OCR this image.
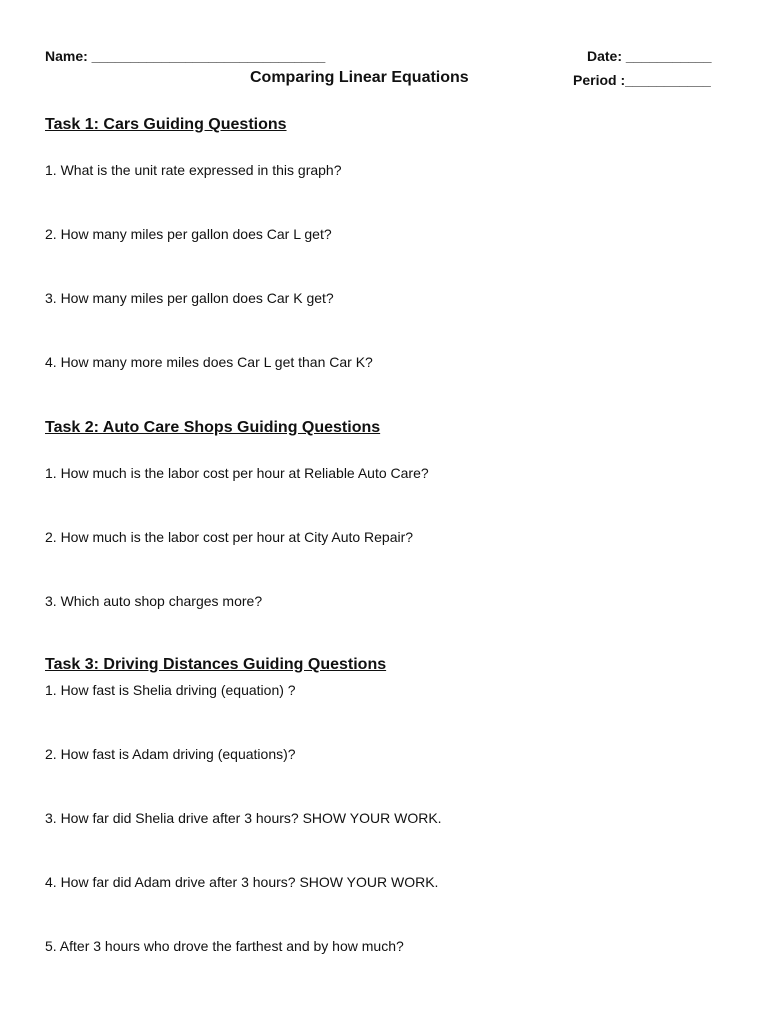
Name: ______________________________	Date: ___________
Comparing Linear Equations	Period :___________
Task 1: Cars Guiding Questions
1. What is the unit rate expressed in this graph?
2. How many miles per gallon does Car L get?
3. How many miles per gallon does Car K get?
4. How many more miles does Car L get than Car K?
Task 2: Auto Care Shops Guiding Questions
1. How much is the labor cost per hour at Reliable Auto Care?
2. How much is the labor cost per hour at City Auto Repair?
3. Which auto shop charges more?
Task 3: Driving Distances Guiding Questions
1. How fast is Shelia driving (equation) ?
2. How fast is Adam driving (equations)?
3. How far did Shelia drive after 3 hours? SHOW YOUR WORK.
4. How far did Adam drive after 3 hours? SHOW YOUR WORK.
5. After 3 hours who drove the farthest and by how much?
